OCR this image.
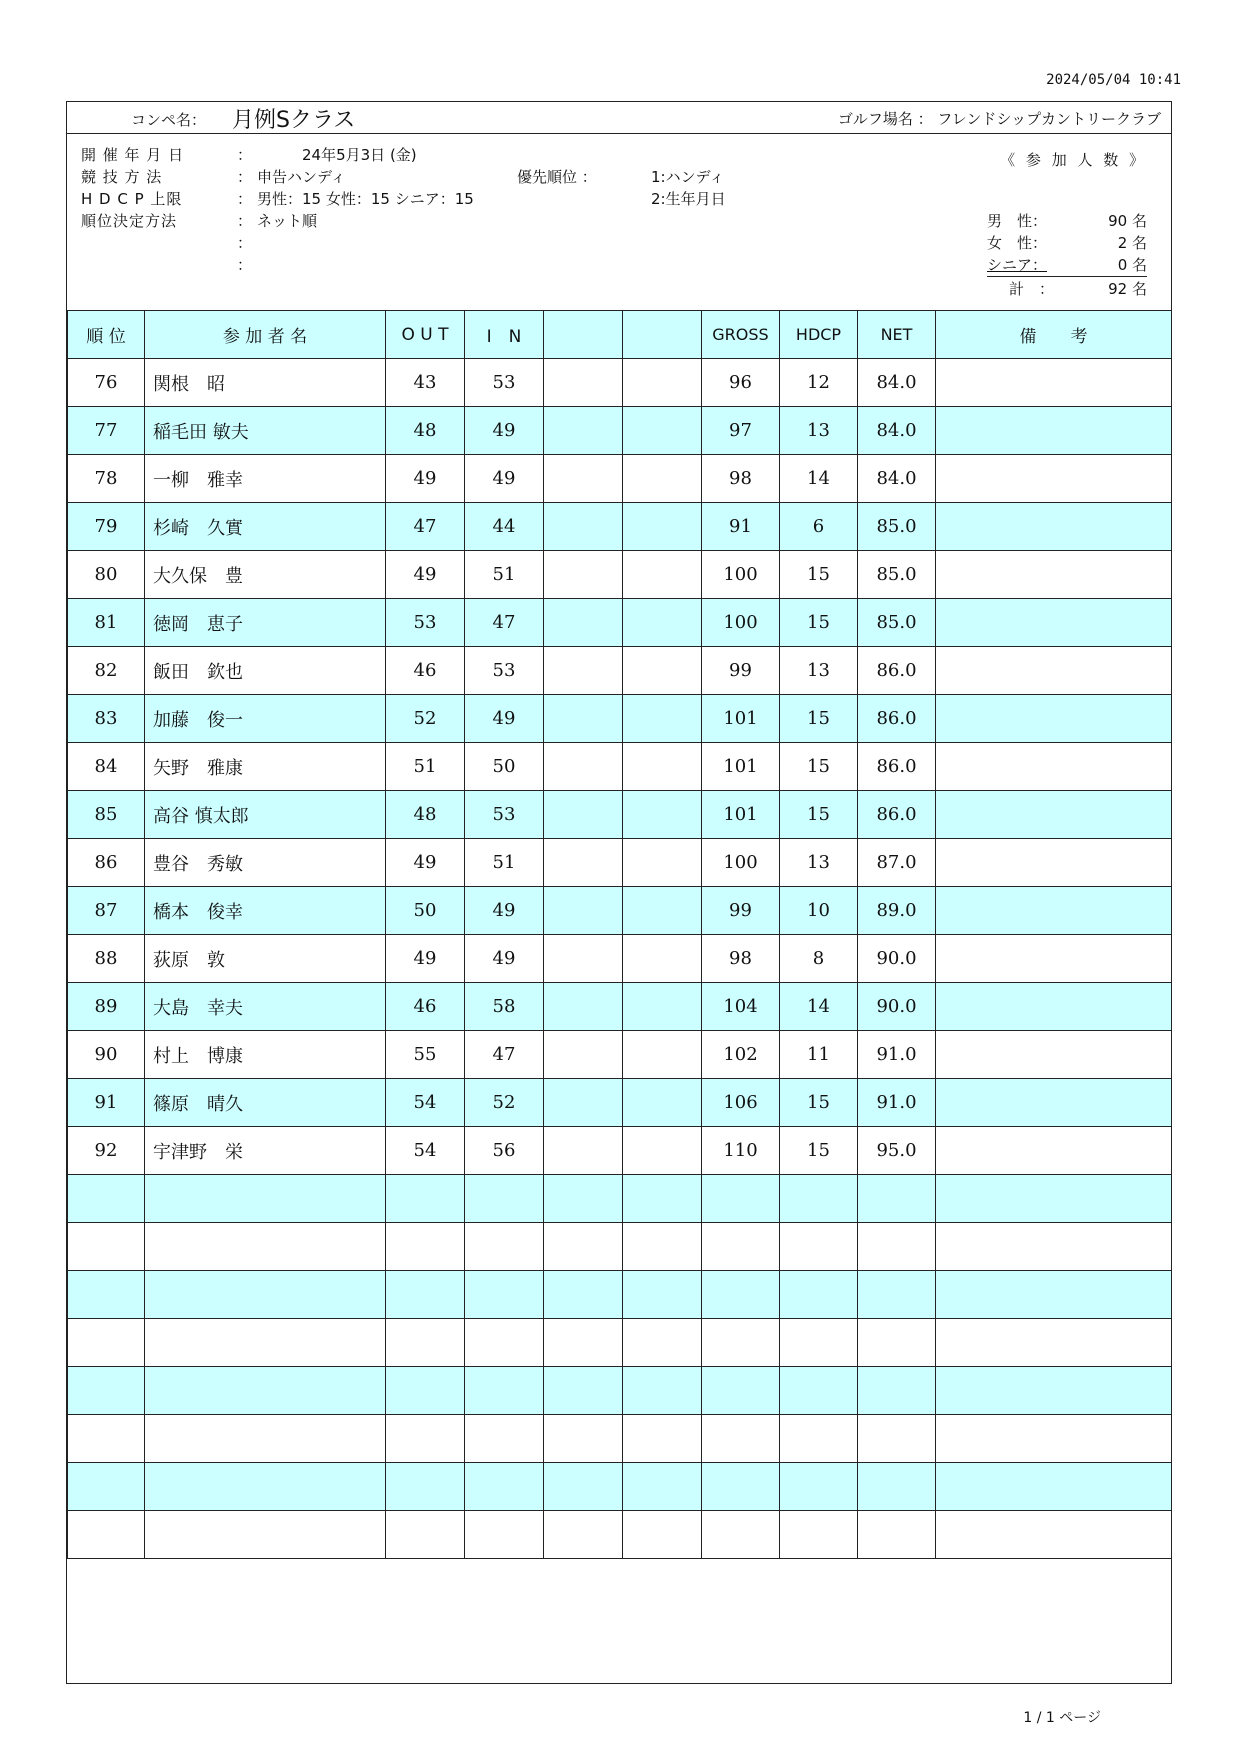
2024/05/04 10:41
コンペ名： 月例Sクラス	ゴルフ場名 ： フレンドシップカントリークラブ
開 催 年 月 日	：	24年5月3日 (金)
競 技 方 法	： 申告ハンディ	優先順位 ：	1:ハンディ
H D C P 上限	： 男性：15 女性：15 シニア：15	2:生年月日
順位決定方法	： ネット順
：
：
《 参 加 人 数 》
男　性：	90 名
女　性：	2 名
シニア：	0 名
計　：	92 名
順 位	参 加 者 名	O U T	I　N			GROSS	HDCP	NET	備　　考
76	関根　昭	43	53			96	12	84.0	
77	稲毛田 敏夫	48	49			97	13	84.0	
78	一柳　雅幸	49	49			98	14	84.0	
79	杉崎　久實	47	44			91	6	85.0	
80	大久保　豊	49	51			100	15	85.0	
81	徳岡　恵子	53	47			100	15	85.0	
82	飯田　欽也	46	53			99	13	86.0	
83	加藤　俊一	52	49			101	15	86.0	
84	矢野　雅康	51	50			101	15	86.0	
85	高谷 慎太郎	48	53			101	15	86.0	
86	豊谷　秀敏	49	51			100	13	87.0	
87	橋本　俊幸	50	49			99	10	89.0	
88	荻原　敦	49	49			98	8	90.0	
89	大島　幸夫	46	58			104	14	90.0	
90	村上　博康	55	47			102	11	91.0	
91	篠原　晴久	54	52			106	15	91.0	
92	宇津野　栄	54	56			110	15	95.0	

1 / 1 ページ
